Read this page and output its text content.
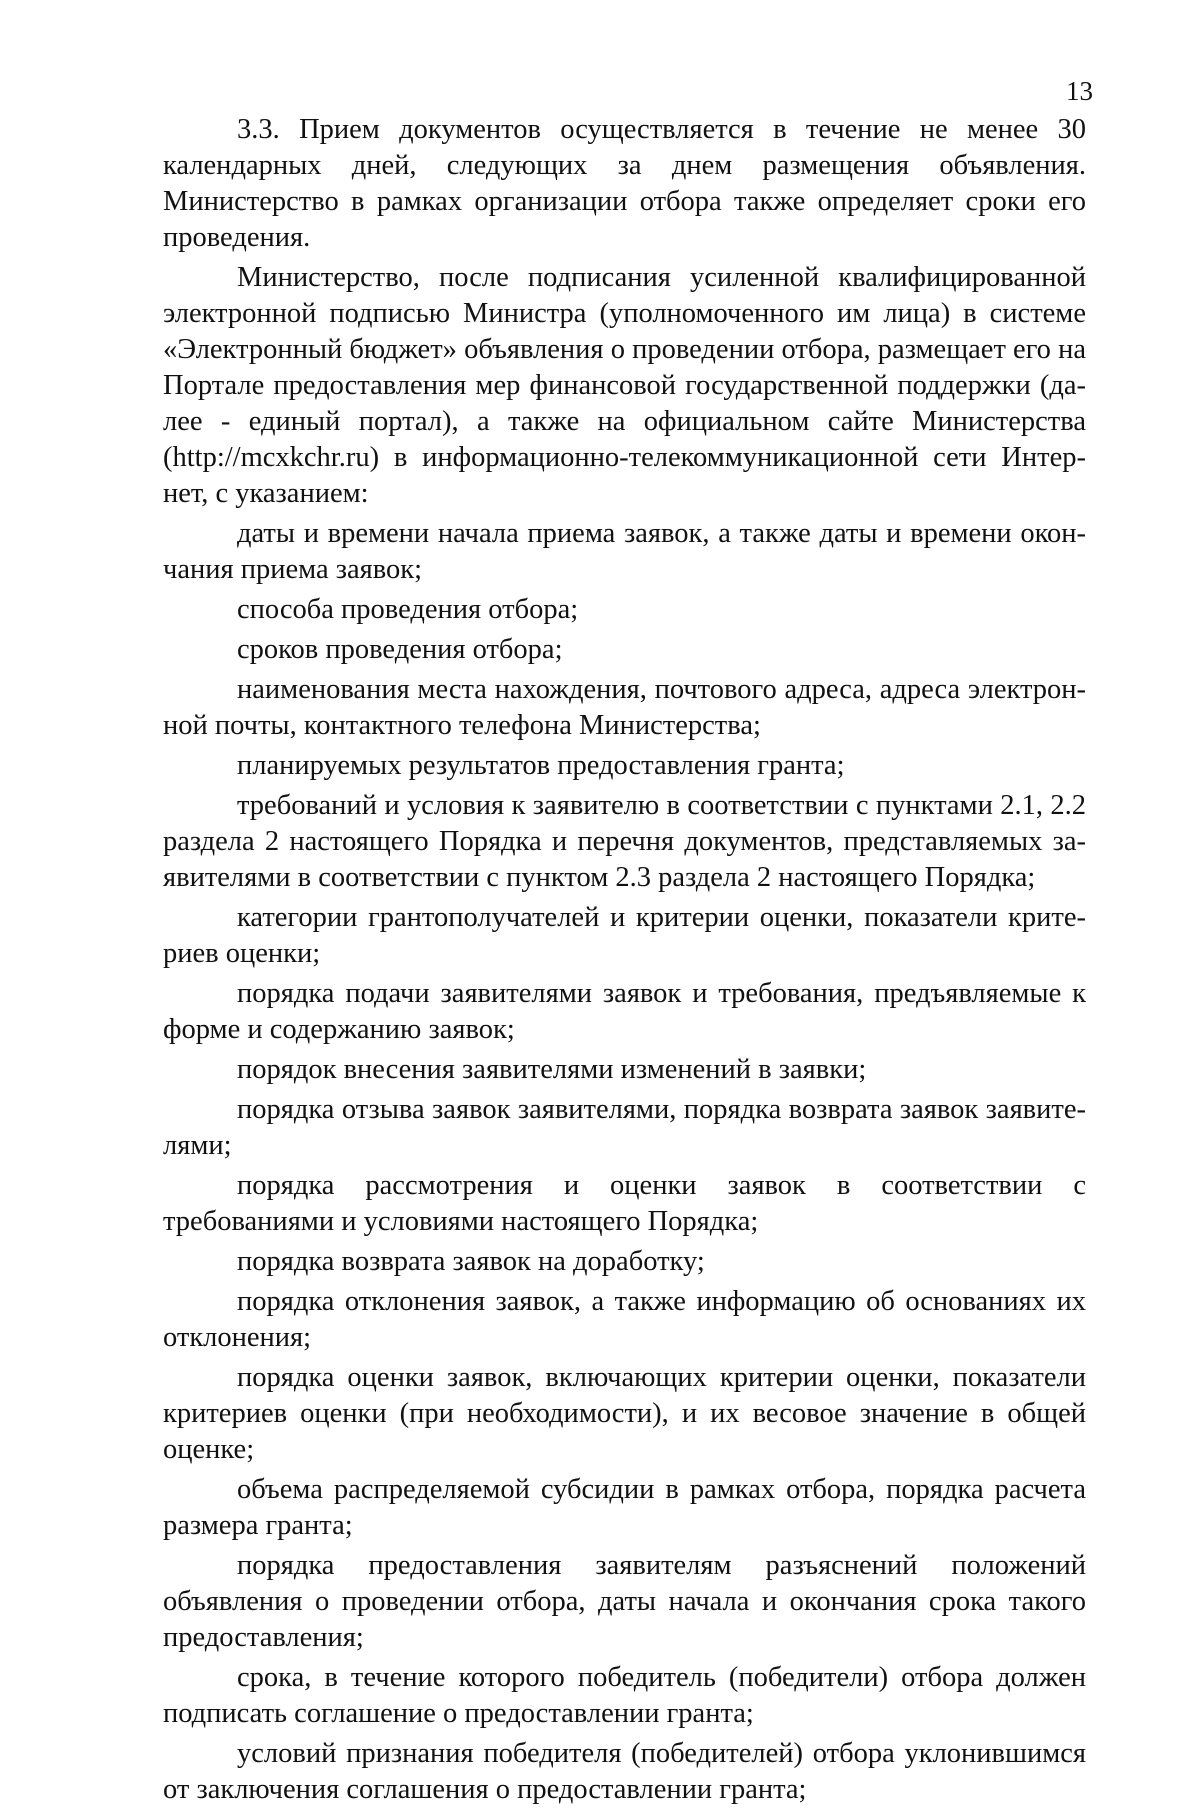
13

3.3. Прием документов осуществляется в течение не менее 30 календарных дней, следующих за днем размещения объявления. Министерство в рамках организации отбора также определяет сроки его проведения.

Министерство, после подписания усиленной квалифицированной электронной подписью Министра (уполномоченного им лица) в системе «Электронный бюджет» объявления о проведении отбора, размещает его на Портале предоставления мер финансовой государственной поддержки (далее - единый портал), а также на официальном сайте Министерства (http://mcxkchr.ru) в информационно-телекоммуникационной сети Интернет, с указанием:

даты и времени начала приема заявок, а также даты и времени окончания приема заявок;

способа проведения отбора;

сроков проведения отбора;

наименования места нахождения, почтового адреса, адреса электронной почты, контактного телефона Министерства;

планируемых результатов предоставления гранта;

требований и условия к заявителю в соответствии с пунктами 2.1, 2.2 раздела 2 настоящего Порядка и перечня документов, представляемых заявителями в соответствии с пунктом 2.3 раздела 2 настоящего Порядка;

категории грантополучателей и критерии оценки, показатели критериев оценки;

порядка подачи заявителями заявок и требования, предъявляемые к форме и содержанию заявок;

порядок внесения заявителями изменений в заявки;

порядка отзыва заявок заявителями, порядка возврата заявок заявителями;

порядка рассмотрения и оценки заявок в соответствии с требованиями и условиями настоящего Порядка;

порядка возврата заявок на доработку;

порядка отклонения заявок, а также информацию об основаниях их отклонения;

порядка оценки заявок, включающих критерии оценки, показатели критериев оценки (при необходимости), и их весовое значение в общей оценке;

объема распределяемой субсидии в рамках отбора, порядка расчета размера гранта;

порядка предоставления заявителям разъяснений положений объявления о проведении отбора, даты начала и окончания срока такого предоставления;

срока, в течение которого победитель (победители) отбора должен подписать соглашение о предоставлении гранта;

условий признания победителя (победителей) отбора уклонившимся от заключения соглашения о предоставлении гранта;
